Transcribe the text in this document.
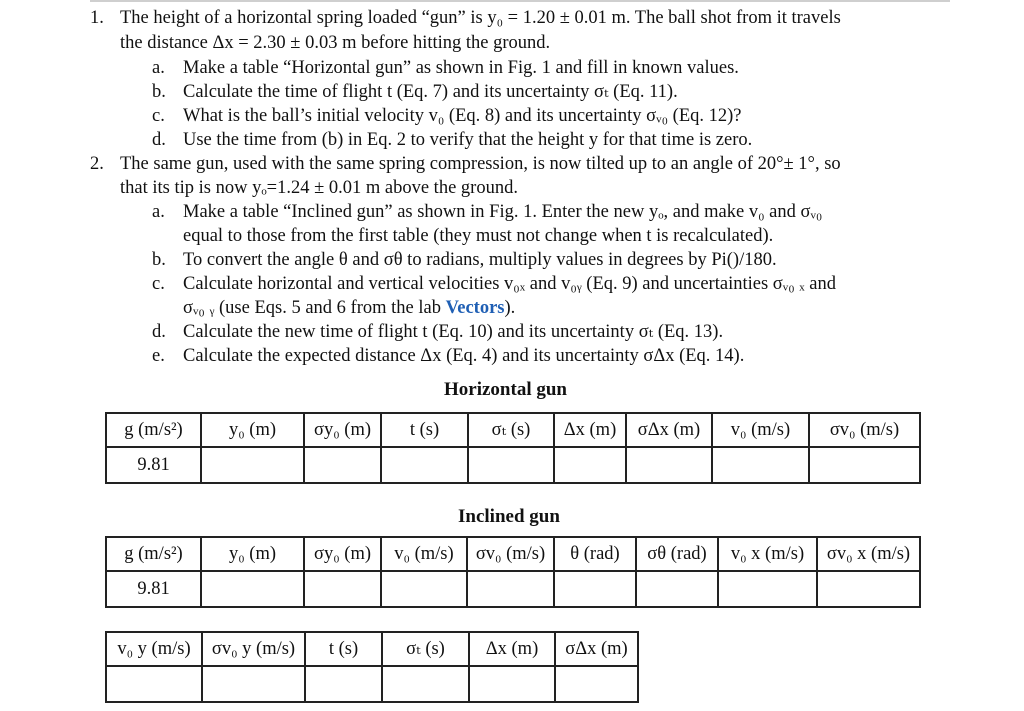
1. The height of a horizontal spring loaded “gun” is y₀ = 1.20 ± 0.01 m. The ball shot from it travels
the distance Δx = 2.30 ± 0.03 m before hitting the ground.
a. Make a table “Horizontal gun” as shown in Fig. 1 and fill in known values.
b. Calculate the time of flight t (Eq. 7) and its uncertainty σₜ (Eq. 11).
c. What is the ball’s initial velocity v₀ (Eq. 8) and its uncertainty σᵥ₀ (Eq. 12)?
d. Use the time from (b) in Eq. 2 to verify that the height y for that time is zero.
2. The same gun, used with the same spring compression, is now tilted up to an angle of 20°± 1°, so
that its tip is now yₒ=1.24 ± 0.01 m above the ground.
a. Make a table “Inclined gun” as shown in Fig. 1. Enter the new yₒ, and make v₀ and σᵥ₀
equal to those from the first table (they must not change when t is recalculated).
b. To convert the angle θ and σθ to radians, multiply values in degrees by Pi()/180.
c. Calculate horizontal and vertical velocities v₀ₓ and v₀ᵧ (Eq. 9) and uncertainties σᵥ₀ ₓ and
σᵥ₀ ᵧ (use Eqs. 5 and 6 from the lab Vectors).
d. Calculate the new time of flight t (Eq. 10) and its uncertainty σₜ (Eq. 13).
e. Calculate the expected distance Δx (Eq. 4) and its uncertainty σΔx (Eq. 14).
Horizontal gun
g (m/s²)	y₀ (m)	σy₀ (m)	t (s)	σₜ (s)	Δx (m)	σΔx (m)	v₀ (m/s)	σv₀ (m/s)
9.81								
Inclined gun
g (m/s²)	y₀ (m)	σy₀ (m)	v₀ (m/s)	σv₀ (m/s)	θ (rad)	σθ (rad)	v₀ x (m/s)	σv₀ x (m/s)
9.81								
v₀ y (m/s)	σv₀ y (m/s)	t (s)	σₜ (s)	Δx (m)	σΔx (m)
